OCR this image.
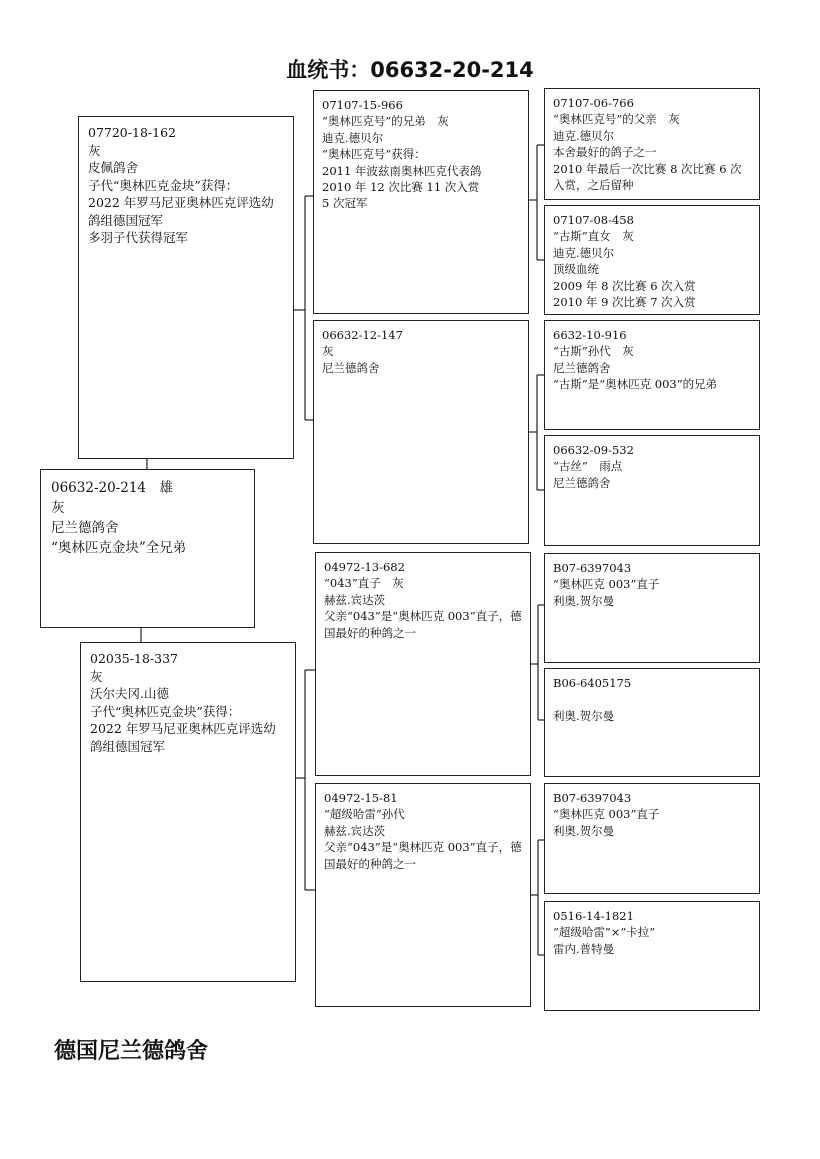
血统书：06632-20-214
07720-18-162
灰
皮佩鸽舍
子代“奥林匹克金块”获得：
2022 年罗马尼亚奥林匹克评选幼鸽组德国冠军
多羽子代获得冠军
06632-20-214　雄
灰
尼兰德鸽舍
“奥林匹克金块”全兄弟
02035-18-337
灰
沃尔夫冈.山德
子代“奥林匹克金块”获得：
2022 年罗马尼亚奥林匹克评选幼鸽组德国冠军
07107-15-966
“奥林匹克号”的兄弟　灰
迪克.德贝尔
“奥林匹克号”获得：
2011 年波兹南奥林匹克代表鸽
2010 年 12 次比赛 11 次入赏
5 次冠军
06632-12-147
灰
尼兰德鸽舍
04972-13-682
“043”直子　灰
赫兹.宾达茨
父亲“043”是“奥林匹克 003”直子，德国最好的种鸽之一
04972-15-81
“超级哈雷”孙代
赫兹.宾达茨
父亲“043”是“奥林匹克 003”直子，德国最好的种鸽之一
07107-06-766
“奥林匹克号”的父亲　灰
迪克.德贝尔
本舍最好的鸽子之一
2010 年最后一次比赛 8 次比赛 6 次入赏，之后留种
07107-08-458
“古斯”直女　灰
迪克.德贝尔
顶级血统
2009 年 8 次比赛 6 次入赏
2010 年 9 次比赛 7 次入赏
6632-10-916
“古斯”孙代　灰
尼兰德鸽舍
“古斯”是“奥林匹克 003”的兄弟
06632-09-532
“古丝”　雨点
尼兰德鸽舍
B07-6397043
“奥林匹克 003”直子
利奥.贺尔曼
B06-6405175

利奥.贺尔曼
B07-6397043
“奥林匹克 003”直子
利奥.贺尔曼
0516-14-1821
“超级哈雷”×“卡拉”
雷内.普特曼
德国尼兰德鸽舍
